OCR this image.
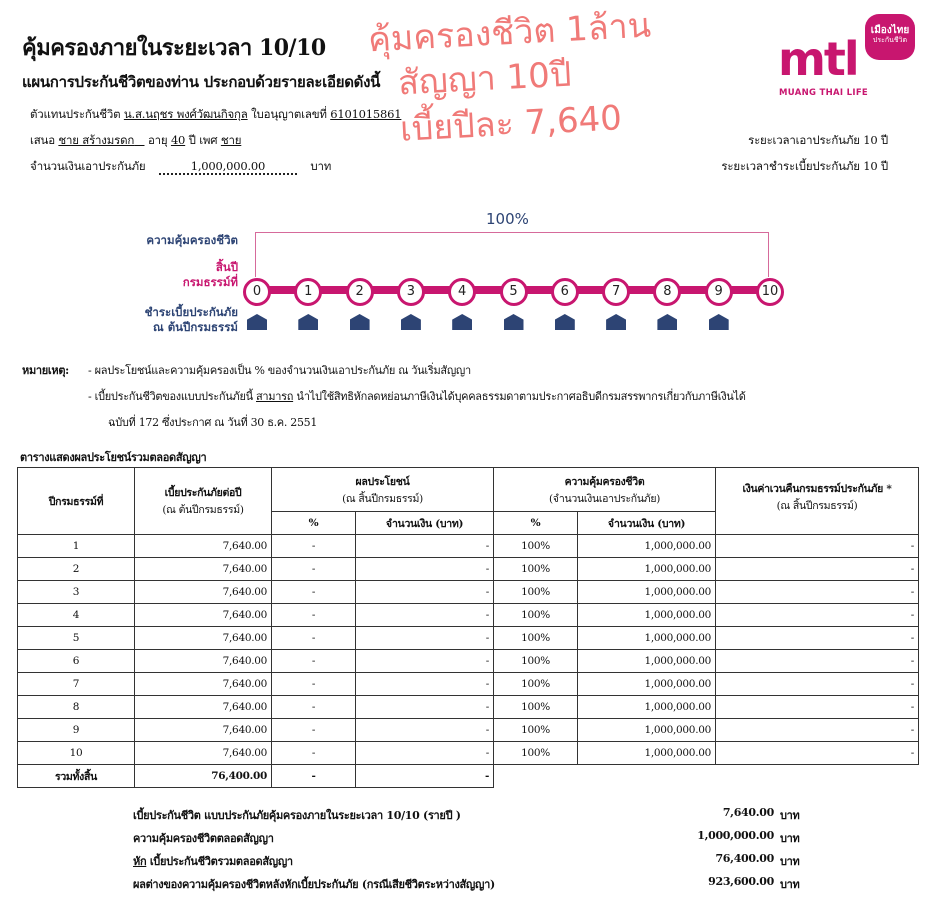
คุ้มครองภายในระยะเวลา 10/10
แผนการประกันชีวิตของท่าน ประกอบด้วยรายละเอียดดังนี้
ตัวแทนประกันชีวิต น.ส.นฤชร พงศ์วัฒนกิจกุล ใบอนุญาตเลขที่ 6101015861
เสนอ ชาย สร้างมรดก อายุ 40 ปี เพศ ชาย
จำนวนเงินเอาประกันภัย	1,000,000.00	บาท
ระยะเวลาเอาประกันภัย 10 ปี
ระยะเวลาชำระเบี้ยประกันภัย 10 ปี
คุ้มครองชีวิต 1ล้าน
สัญญา 10ปี
เบี้ยปีละ 7,640
mtl
เมืองไทย
ประกันชีวิต
MUANG THAI LIFE
100%
ความคุ้มครองชีวิต
สิ้นปี
กรมธรรม์ที่
ชำระเบี้ยประกันภัย
ณ ต้นปีกรมธรรม์
0	1	2	3	4	5	6	7	8	9	10
หมายเหตุ: - ผลประโยชน์และความคุ้มครองเป็น % ของจำนวนเงินเอาประกันภัย ณ วันเริ่มสัญญา
- เบี้ยประกันชีวิตของแบบประกันภัยนี้ สามารถ นำไปใช้สิทธิหักลดหย่อนภาษีเงินได้บุคคลธรรมดาตามประกาศอธิบดีกรมสรรพากรเกี่ยวกับภาษีเงินได้
ฉบับที่ 172 ซึ่งประกาศ ณ วันที่ 30 ธ.ค. 2551
ตารางแสดงผลประโยชน์รวมตลอดสัญญา
ปีกรมธรรม์ที่	
เบี้ยประกันภัยต่อปี
(ณ ต้นปีกรมธรรม์)

ผลประโยชน์
(ณ สิ้นปีกรมธรรม์)

ความคุ้มครองชีวิต
(จำนวนเงินเอาประกันภัย)

เงินค่าเวนคืนกรมธรรม์ประกันภัย *
(ณ สิ้นปีกรมธรรม์)

		%	จำนวนเงิน (บาท)	%	จำนวนเงิน (บาท)	
1	7,640.00	-	-	100%	1,000,000.00	-
2	7,640.00	-	-	100%	1,000,000.00	-
3	7,640.00	-	-	100%	1,000,000.00	-
4	7,640.00	-	-	100%	1,000,000.00	-
5	7,640.00	-	-	100%	1,000,000.00	-
6	7,640.00	-	-	100%	1,000,000.00	-
7	7,640.00	-	-	100%	1,000,000.00	-
8	7,640.00	-	-	100%	1,000,000.00	-
9	7,640.00	-	-	100%	1,000,000.00	-
10	7,640.00	-	-	100%	1,000,000.00	-
รวมทั้งสิ้น	76,400.00	-	-			
เบี้ยประกันชีวิต แบบประกันภัยคุ้มครองภายในระยะเวลา 10/10 (รายปี )	7,640.00 บาท
ความคุ้มครองชีวิตตลอดสัญญา	1,000,000.00 บาท
หัก เบี้ยประกันชีวิตรวมตลอดสัญญา	76,400.00 บาท
ผลต่างของความคุ้มครองชีวิตหลังหักเบี้ยประกันภัย (กรณีเสียชีวิตระหว่างสัญญา)	923,600.00 บาท
